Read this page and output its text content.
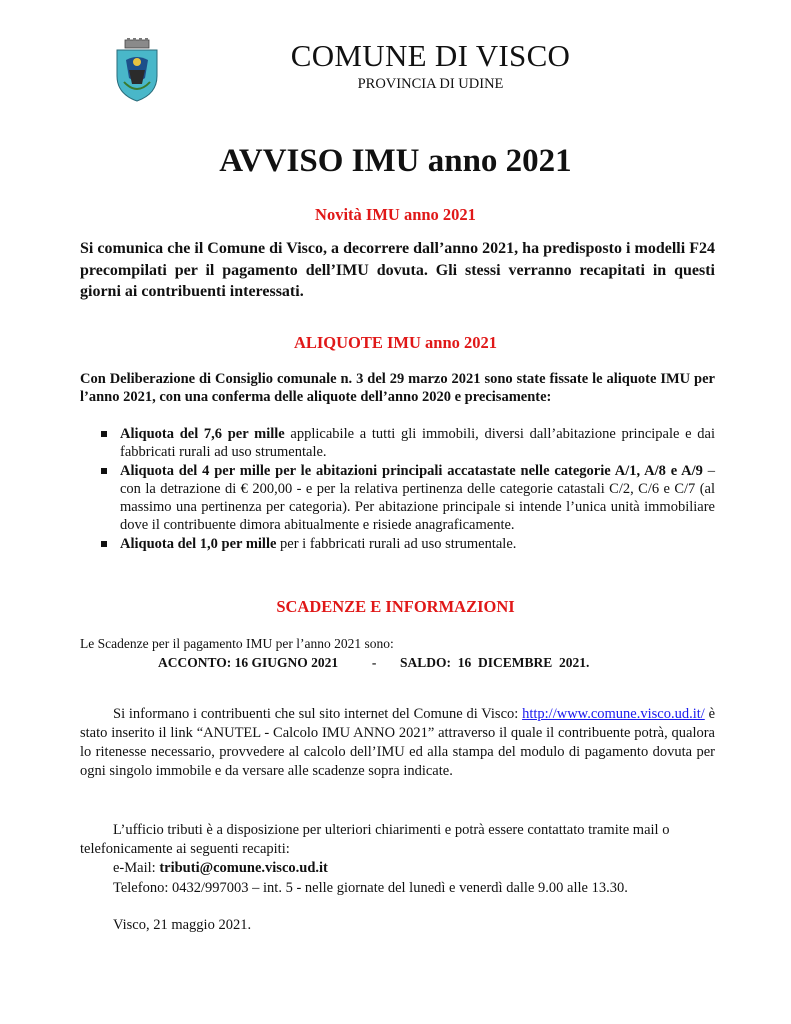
COMUNE DI VISCO
PROVINCIA DI UDINE
AVVISO IMU anno 2021
Novità IMU anno 2021
Si comunica che il Comune di Visco, a decorrere dall’anno 2021, ha predisposto i modelli F24 precompilati per il pagamento dell’IMU dovuta. Gli stessi verranno recapitati in questi giorni ai contribuenti interessati.
ALIQUOTE IMU anno 2021
Con Deliberazione di Consiglio comunale n. 3 del 29 marzo 2021 sono state fissate le aliquote IMU per l’anno 2021, con una conferma delle aliquote dell’anno 2020 e precisamente:
Aliquota del 7,6 per mille applicabile a tutti gli immobili, diversi dall’abitazione principale e dai fabbricati rurali ad uso strumentale.
Aliquota del 4 per mille per le abitazioni principali accatastate nelle categorie A/1, A/8 e A/9 – con la detrazione di € 200,00 - e per la relativa pertinenza delle categorie catastali C/2, C/6 e C/7 (al massimo una pertinenza per categoria). Per abitazione principale si intende l’unica unità immobiliare dove il contribuente dimora abitualmente e risiede anagraficamente.
Aliquota del 1,0 per mille per i fabbricati rurali ad uso strumentale.
SCADENZE E INFORMAZIONI
Le Scadenze per il pagamento IMU per l’anno 2021 sono:
ACCONTO: 16 GIUGNO 2021	- SALDO:  16  DICEMBRE  2021.
Si informano i contribuenti che sul sito internet del Comune di Visco: http://www.comune.visco.ud.it/ è stato inserito il link “ANUTEL - Calcolo IMU ANNO 2021” attraverso il quale il contribuente potrà, qualora lo ritenesse necessario, provvedere al calcolo dell’IMU ed alla stampa del modulo di pagamento dovuta per ogni singolo immobile e da versare alle scadenze sopra indicate.
L’ufficio tributi è a disposizione per ulteriori chiarimenti e potrà essere contattato tramite mail o telefonicamente ai seguenti recapiti:
e-Mail: tributi@comune.visco.ud.it
Telefono: 0432/997003 – int. 5 - nelle giornate del lunedì e venerdì dalle 9.00 alle 13.30.
Visco, 21 maggio 2021.
